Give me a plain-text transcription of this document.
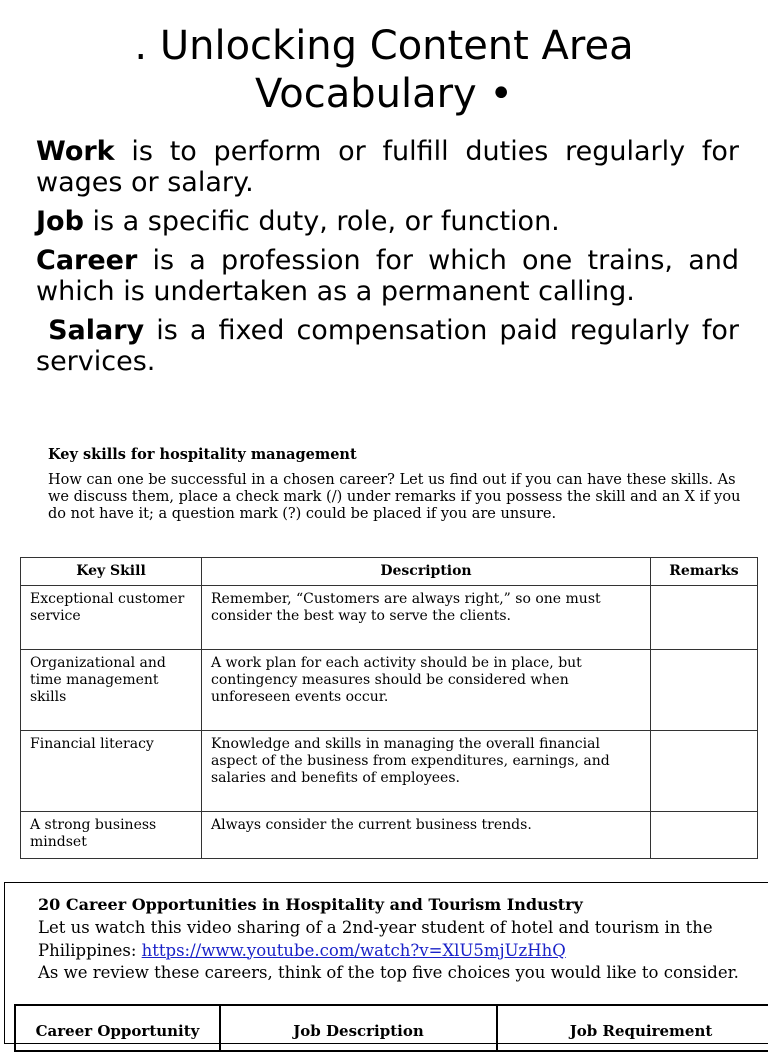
. Unlocking Content Area
Vocabulary •

Work is to perform or fulfill duties regularly for wages or salary.

Job is a specific duty, role, or function.

Career is a profession for which one trains, and which is undertaken as a permanent calling.

Salary is a fixed compensation paid regularly for services.

Key skills for hospitality management
How can one be successful in a chosen career? Let us find out if you can have these skills. As we discuss them, place a check mark (/) under remarks if you possess the skill and an X if you do not have it; a question mark (?) could be placed if you are unsure.
Key Skill	Description	Remarks
Exceptional customer service	Remember, “Customers are always right,” so one must consider the best way to serve the clients.	
Organizational and time management skills	A work plan for each activity should be in place, but contingency measures should be considered when unforeseen events occur.	
Financial literacy	Knowledge and skills in managing the overall financial aspect of the business from expenditures, earnings, and salaries and benefits of employees.	
A strong business mindset	Always consider the current business trends.	
20 Career Opportunities in Hospitality and Tourism Industry
Let us watch this video sharing of a 2nd-year student of hotel and tourism in the Philippines: https://www.youtube.com/watch?v=XlU5mjUzHhQ
As we review these careers, think of the top five choices you would like to consider.
Career Opportunity	Job Description	Job Requirement
